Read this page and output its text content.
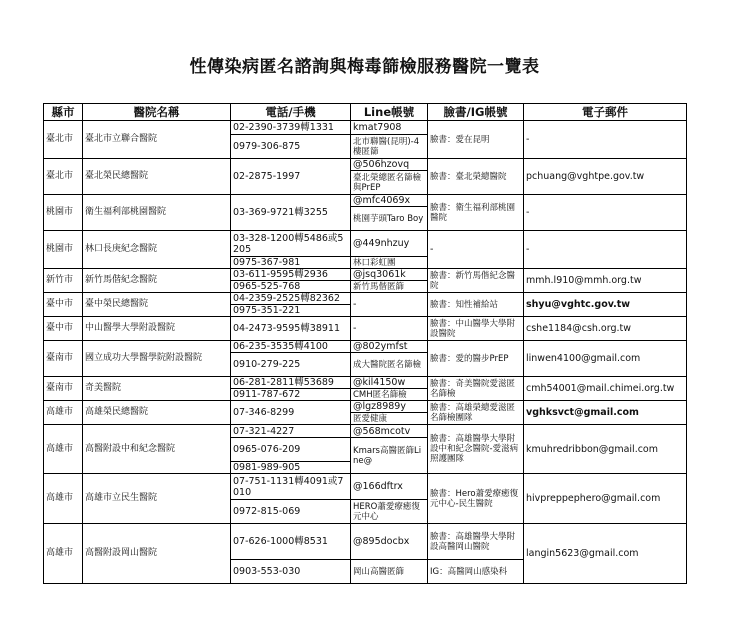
性傳染病匿名諮詢與梅毒篩檢服務醫院一覽表
縣市	醫院名稱	電話/手機	Line帳號	臉書/IG帳號	電子郵件
臺北市	臺北市立聯合醫院	02-2390-3739轉1331	kmat7908	臉書：愛在昆明	-
		0979-306-875	北市聯醫(昆明)-4樓匿篩		
臺北市	臺北榮民總醫院	02-2875-1997	@506hzovq	臉書：臺北榮總醫院	pchuang@vghtpe.gov.tw
			臺北榮總匿名篩檢與PrEP		
桃園市	衛生福利部桃園醫院	03-369-9721轉3255	@mfc4069x	臉書：衛生福利部桃園醫院	-
			桃園芋頭Taro Boy		
桃園市	林口長庚紀念醫院	03-328-1200轉5486或5205	@449nhzuy	-	-
		0975-367-981	林口彩虹團		
新竹市	新竹馬偕紀念醫院	03-611-9595轉2936	@jsq3061k	臉書：新竹馬偕紀念醫院	mmh.l910@mmh.org.tw
		0965-525-768	新竹馬偕匿篩		
臺中市	臺中榮民總醫院	04-2359-2525轉82362	-	臉書：知性補給站	shyu@vghtc.gov.tw
		0975-351-221			
臺中市	中山醫學大學附設醫院	04-2473-9595轉38911	-	臉書：中山醫學大學附設醫院	cshe1184@csh.org.tw
臺南市	國立成功大學醫學院附設醫院	06-235-3535轉4100	@802ymfst	臉書：愛的醫步PrEP	linwen4100@gmail.com
		0910-279-225	成大醫院匿名篩檢		
臺南市	奇美醫院	06-281-2811轉53689	@kil4150w	臉書：奇美醫院愛滋匿名篩檢	cmh54001@mail.chimei.org.tw
		0911-787-672	CMH匿名篩檢		
高雄市	高雄榮民總醫院	07-346-8299	@lgz8989y	臉書：高雄榮總愛滋匿名篩檢團隊	vghksvct@gmail.com
			匿愛健康		
高雄市	高醫附設中和紀念醫院	07-321-4227	@568mcotv	臉書：高雄醫學大學附設中和紀念醫院-愛滋病照護團隊	kmuhredribbon@gmail.com
		0965-076-209	Kmars高醫匿篩Line@		
		0981-989-905			
高雄市	高雄市立民生醫院	07-751-1131轉4091或7010	@166dftrx	臉書：Hero蕭愛療癒復元中心-民生醫院	hivpreppephero@gmail.com
		0972-815-069	HERO蕭愛療癒復元中心		
高雄市	高醫附設岡山醫院	07-626-1000轉8531	@895docbx	臉書：高雄醫學大學附設高醫岡山醫院	langin5623@gmail.com
		0903-553-030	岡山高醫匿篩	IG：高醫岡山感染科	
